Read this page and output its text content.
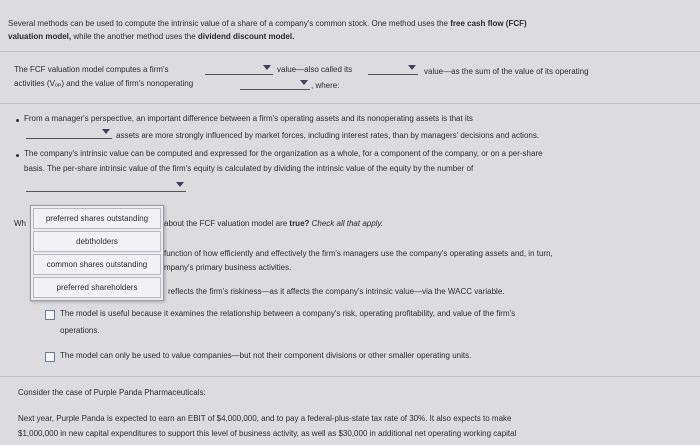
Several methods can be used to compute the intrinsic value of a share of a company's common stock. One method uses the free cash flow (FCF)
valuation model, while the another method uses the dividend discount model.
The FCF valuation model computes a firm's	value—also called its	value—as the sum of the value of its operating
activities (Vₒₚ) and the value of firm's nonoperating	, where:
From a manager's perspective, an important difference between a firm's operating assets and its nonoperating assets is that its
assets are more strongly influenced by market forces, including interest rates, than by managers' decisions and actions.
The company's intrinsic value can be computed and expressed for the organization as a whole, for a component of the company, or on a per-share
basis. The per-share intrinsic value of the firm's equity is calculated by dividing the intrinsic value of the equity by the number of
Wh	about the FCF valuation model are true? Check all that apply.
function of how efficiently and effectively the firm's managers use the company's operating assets and, in turn,
mpany's primary business activities.
reflects the firm's riskiness—as it affects the company's intrinsic value—via the WACC variable.
preferred shares outstanding
debtholders
common shares outstanding
preferred shareholders
The model is useful because it examines the relationship between a company's risk, operating profitability, and value of the firm's
operations.
The model can only be used to value companies—but not their component divisions or other smaller operating units.
Consider the case of Purple Panda Pharmaceuticals:
Next year, Purple Panda is expected to earn an EBIT of $4,000,000, and to pay a federal-plus-state tax rate of 30%. It also expects to make
$1,000,000 in new capital expenditures to support this level of business activity, as well as $30,000 in additional net operating working capital
